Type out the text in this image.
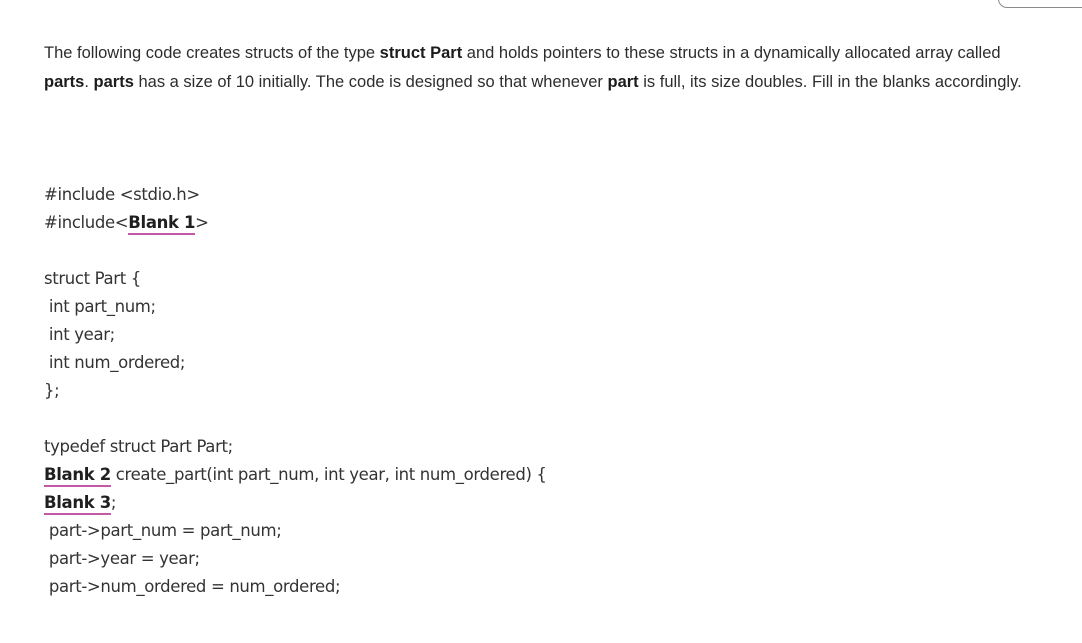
The following code creates structs of the type struct Part and holds pointers to these structs in a dynamically allocated array called parts. parts has a size of 10 initially. The code is designed so that whenever part is full, its size doubles. Fill in the blanks accordingly.

#include <stdio.h>
#include<Blank 1>
struct Part {
int part_num;
int year;
int num_ordered;
};
typedef struct Part Part;
Blank 2 create_part(int part_num, int year, int num_ordered) {
Blank 3;
part->part_num = part_num;
part->year = year;
part->num_ordered = num_ordered;
